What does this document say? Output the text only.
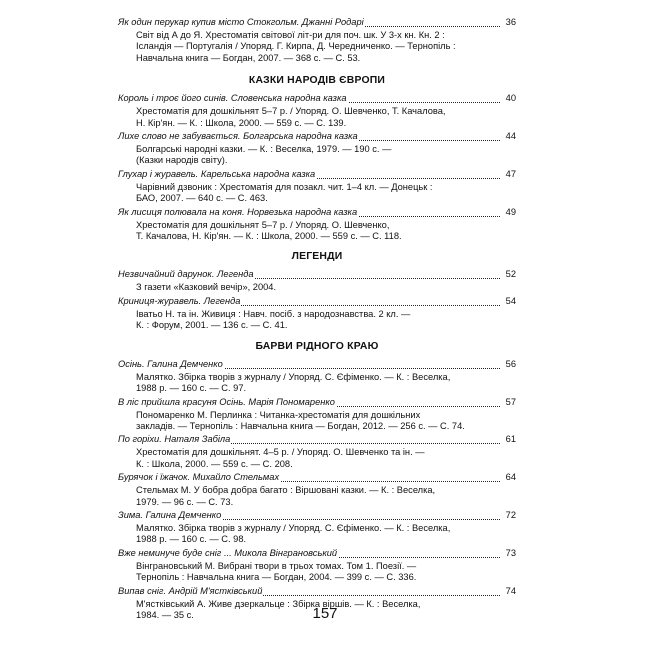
Як один перукар купив місто Стокгольм. Джанні Родарі	36
Світ від А до Я. Хрестоматія світової літ-ри для поч. шк. У 3-х кн. Кн. 2 :
Ісландія — Португалія / Упоряд. Г. Кирпа, Д. Чередниченко. — Тернопіль :
Навчальна книга — Богдан, 2007. — 368 с. — С. 53.
КАЗКИ НАРОДІВ ЄВРОПИ
Король і троє його синів. Словенська народна казка	40
Хрестоматія для дошкільнят 5–7 р. / Упоряд. О. Шевченко, Т. Качалова,
Н. Кір'ян. — К. : Школа, 2000. — 559 с. — С. 139.
Лихе слово не забувається. Болгарська народна казка	44
Болгарські народні казки. — К. : Веселка, 1979. — 190 с. —
(Казки народів світу).
Глухар і журавель. Карельська народна казка	47
Чарівний дзвоник : Хрестоматія для позакл. чит. 1–4 кл. — Донецьк :
БАО, 2007. — 640 с. — С. 463.
Як лисиця полювала на коня. Норвезька народна казка	49
Хрестоматія для дошкільнят 5–7 р. / Упоряд. О. Шевченко,
Т. Качалова, Н. Кір'ян. — К. : Школа, 2000. — 559 с. — С. 118.
ЛЕГЕНДИ
Незвичайний дарунок. Легенда	52
З газети «Казковий вечір», 2004.
Криниця-журавель. Легенда	54
Іватьо Н. та ін. Живиця : Навч. посіб. з народознавства. 2 кл. —
К. : Форум, 2001. — 136 с. — С. 41.
БАРВИ РІДНОГО КРАЮ
Осінь. Галина Демченко	56
Малятко. Збірка творів з журналу / Упоряд. С. Єфіменко. — К. : Веселка,
1988 р. — 160 с. — С. 97.
В ліс прийшла красуня Осінь. Марія Пономаренко	57
Пономаренко М. Перлинка : Читанка-хрестоматія для дошкільних
закладів. — Тернопіль : Навчальна книга — Богдан, 2012. — 256 с. — С. 74.
По горіхи. Наталя Забіла	61
Хрестоматія для дошкільнят. 4–5 р. / Упоряд. О. Шевченко та ін. —
К. : Школа, 2000. — 559 с. — С. 208.
Бурячок і їжачок. Михайло Стельмах	64
Стельмах М. У бобра добра багато : Віршовані казки. — К. : Веселка,
1979. — 96 с. — С. 73.
Зима. Галина Демченко	72
Малятко. Збірка творів з журналу / Упоряд. С. Єфіменко. — К. : Веселка,
1988 р. — 160 с. — С. 98.
Вже неминуче буде сніг ... Микола Вінграновський	73
Вінграновський М. Вибрані твори в трьох томах. Том 1. Поезії. —
Тернопіль : Навчальна книга — Богдан, 2004. — 399 с. — С. 336.
Випав сніг. Андрій М'ястківський	74
М'ястківський А. Живе дзеркальце : Збірка віршів. — К. : Веселка,
1984. — 35 с.	157
